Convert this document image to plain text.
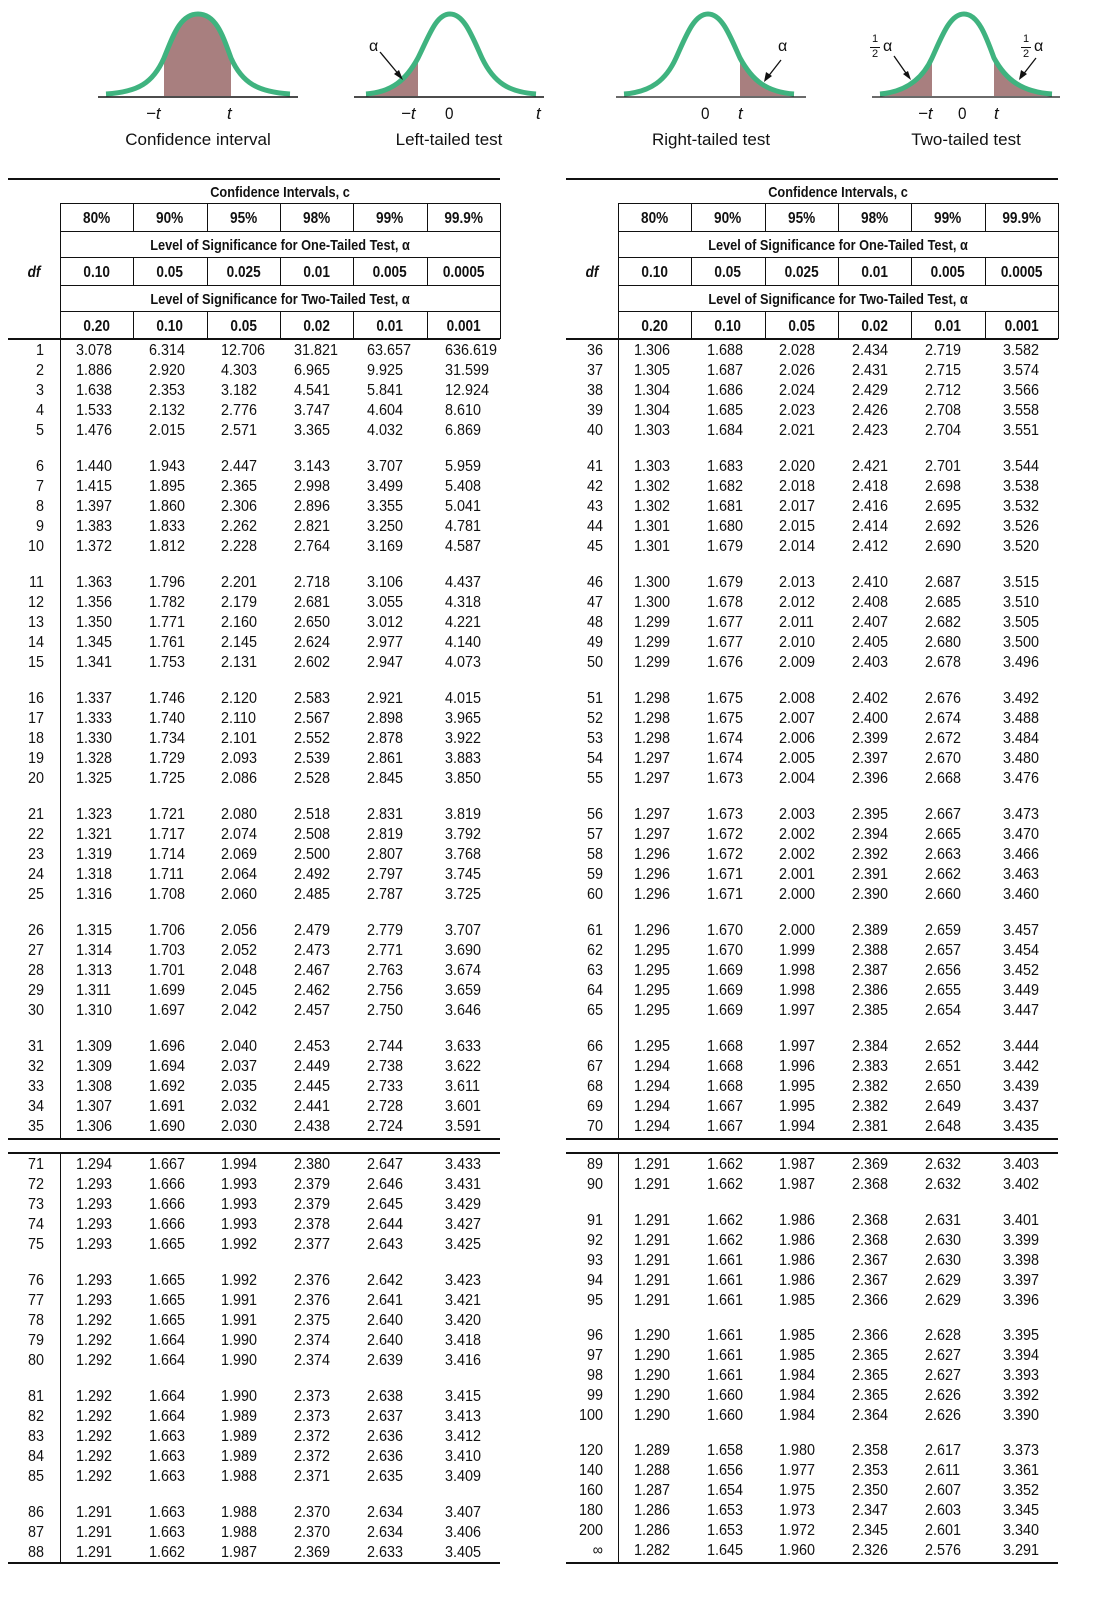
−t	t
Confidence interval
α
−t 0	t
Left-tailed test
α
0 t
Right-tailed test
1
2 α	1
2 α
−t 0 t
Two-tailed test
Confidence Intervals, c
80%	90%	95%	98%	99%	99.9%
Level of Significance for One-Tailed Test, α
0.10	0.05	0.025	0.01	0.005	0.0005
Level of Significance for Two-Tailed Test, α
0.20	0.10	0.05	0.02	0.01	0.001
df
Confidence Intervals, c
80%	90%	95%	98%	99%	99.9%
Level of Significance for One-Tailed Test, α
0.10	0.05	0.025	0.01	0.005	0.0005
Level of Significance for Two-Tailed Test, α
0.20	0.10	0.05	0.02	0.01	0.001
df
1 3.078 6.314 12.706 31.821 63.657 636.619
2 1.886 2.920 4.303 6.965 9.925	31.599
3 1.638 2.353 3.182 4.541 5.841	12.924
4 1.533 2.132 2.776 3.747 4.604	8.610
5 1.476 2.015 2.571 3.365 4.032	6.869
6 1.440 1.943 2.447 3.143 3.707	5.959
7 1.415 1.895 2.365 2.998 3.499	5.408
8 1.397 1.860 2.306 2.896 3.355	5.041
9 1.383 1.833 2.262 2.821 3.250	4.781
10 1.372 1.812 2.228 2.764 3.169	4.587
11 1.363 1.796 2.201 2.718 3.106	4.437
12 1.356 1.782 2.179 2.681 3.055	4.318
13 1.350 1.771 2.160 2.650 3.012	4.221
14 1.345 1.761 2.145 2.624 2.977	4.140
15 1.341 1.753 2.131 2.602 2.947	4.073
16 1.337 1.746 2.120 2.583 2.921	4.015
17 1.333 1.740 2.110 2.567 2.898	3.965
18 1.330 1.734 2.101 2.552 2.878	3.922
19 1.328 1.729 2.093 2.539 2.861	3.883
20 1.325 1.725 2.086 2.528 2.845	3.850
21 1.323 1.721 2.080 2.518 2.831	3.819
22 1.321 1.717 2.074 2.508 2.819	3.792
23 1.319 1.714 2.069 2.500 2.807	3.768
24 1.318 1.711 2.064 2.492 2.797	3.745
25 1.316 1.708 2.060 2.485 2.787	3.725
26 1.315 1.706 2.056 2.479 2.779	3.707
27 1.314 1.703 2.052 2.473 2.771	3.690
28 1.313 1.701 2.048 2.467 2.763	3.674
29 1.311 1.699 2.045 2.462 2.756	3.659
30 1.310 1.697 2.042 2.457 2.750	3.646
31 1.309 1.696 2.040 2.453 2.744	3.633
32 1.309 1.694 2.037 2.449 2.738	3.622
33 1.308 1.692 2.035 2.445 2.733	3.611
34 1.307 1.691 2.032 2.441 2.728	3.601
35 1.306 1.690 2.030 2.438 2.724	3.591
36 1.306 1.688 2.028 2.434 2.719	3.582
37 1.305 1.687 2.026 2.431 2.715	3.574
38 1.304 1.686 2.024 2.429 2.712	3.566
39 1.304 1.685 2.023 2.426 2.708	3.558
40 1.303 1.684 2.021 2.423 2.704	3.551
41 1.303 1.683 2.020 2.421 2.701	3.544
42 1.302 1.682 2.018 2.418 2.698	3.538
43 1.302 1.681 2.017 2.416 2.695	3.532
44 1.301 1.680 2.015 2.414 2.692	3.526
45 1.301 1.679 2.014 2.412 2.690	3.520
46 1.300 1.679 2.013 2.410 2.687	3.515
47 1.300 1.678 2.012 2.408 2.685	3.510
48 1.299 1.677 2.011 2.407 2.682	3.505
49 1.299 1.677 2.010 2.405 2.680	3.500
50 1.299 1.676 2.009 2.403 2.678	3.496
51 1.298 1.675 2.008 2.402 2.676	3.492
52 1.298 1.675 2.007 2.400 2.674	3.488
53 1.298 1.674 2.006 2.399 2.672	3.484
54 1.297 1.674 2.005 2.397 2.670	3.480
55 1.297 1.673 2.004 2.396 2.668	3.476
56 1.297 1.673 2.003 2.395 2.667	3.473
57 1.297 1.672 2.002 2.394 2.665	3.470
58 1.296 1.672 2.002 2.392 2.663	3.466
59 1.296 1.671 2.001 2.391 2.662	3.463
60 1.296 1.671 2.000 2.390 2.660	3.460
61 1.296 1.670 2.000 2.389 2.659	3.457
62 1.295 1.670 1.999 2.388 2.657	3.454
63 1.295 1.669 1.998 2.387 2.656	3.452
64 1.295 1.669 1.998 2.386 2.655	3.449
65 1.295 1.669 1.997 2.385 2.654	3.447
66 1.295 1.668 1.997 2.384 2.652	3.444
67 1.294 1.668 1.996 2.383 2.651	3.442
68 1.294 1.668 1.995 2.382 2.650	3.439
69 1.294 1.667 1.995 2.382 2.649	3.437
70 1.294 1.667 1.994 2.381 2.648	3.435
71 1.294 1.667 1.994 2.380 2.647	3.433
72 1.293 1.666 1.993 2.379 2.646	3.431
73 1.293 1.666 1.993 2.379 2.645	3.429
74 1.293 1.666 1.993 2.378 2.644	3.427
75 1.293 1.665 1.992 2.377 2.643	3.425
76 1.293 1.665 1.992 2.376 2.642	3.423
77 1.293 1.665 1.991 2.376 2.641	3.421
78 1.292 1.665 1.991 2.375 2.640	3.420
79 1.292 1.664 1.990 2.374 2.640	3.418
80 1.292 1.664 1.990 2.374 2.639	3.416
81 1.292 1.664 1.990 2.373 2.638	3.415
82 1.292 1.664 1.989 2.373 2.637	3.413
83 1.292 1.663 1.989 2.372 2.636	3.412
84 1.292 1.663 1.989 2.372 2.636	3.410
85 1.292 1.663 1.988 2.371 2.635	3.409
86 1.291 1.663 1.988 2.370 2.634	3.407
87 1.291 1.663 1.988 2.370 2.634	3.406
88 1.291 1.662 1.987 2.369 2.633	3.405
89 1.291 1.662 1.987 2.369 2.632	3.403
90 1.291 1.662 1.987 2.368 2.632	3.402
91 1.291 1.662 1.986 2.368 2.631	3.401
92 1.291 1.662 1.986 2.368 2.630	3.399
93 1.291 1.661 1.986 2.367 2.630	3.398
94 1.291 1.661 1.986 2.367 2.629	3.397
95 1.291 1.661 1.985 2.366 2.629	3.396
96 1.290 1.661 1.985 2.366 2.628	3.395
97 1.290 1.661 1.985 2.365 2.627	3.394
98 1.290 1.661 1.984 2.365 2.627	3.393
99 1.290 1.660 1.984 2.365 2.626	3.392
100 1.290 1.660 1.984 2.364 2.626	3.390
120 1.289 1.658 1.980 2.358 2.617	3.373
140 1.288 1.656 1.977 2.353 2.611	3.361
160 1.287 1.654 1.975 2.350 2.607	3.352
180 1.286 1.653 1.973 2.347 2.603	3.345
200 1.286 1.653 1.972 2.345 2.601	3.340
∞ 1.282 1.645 1.960 2.326 2.576	3.291
